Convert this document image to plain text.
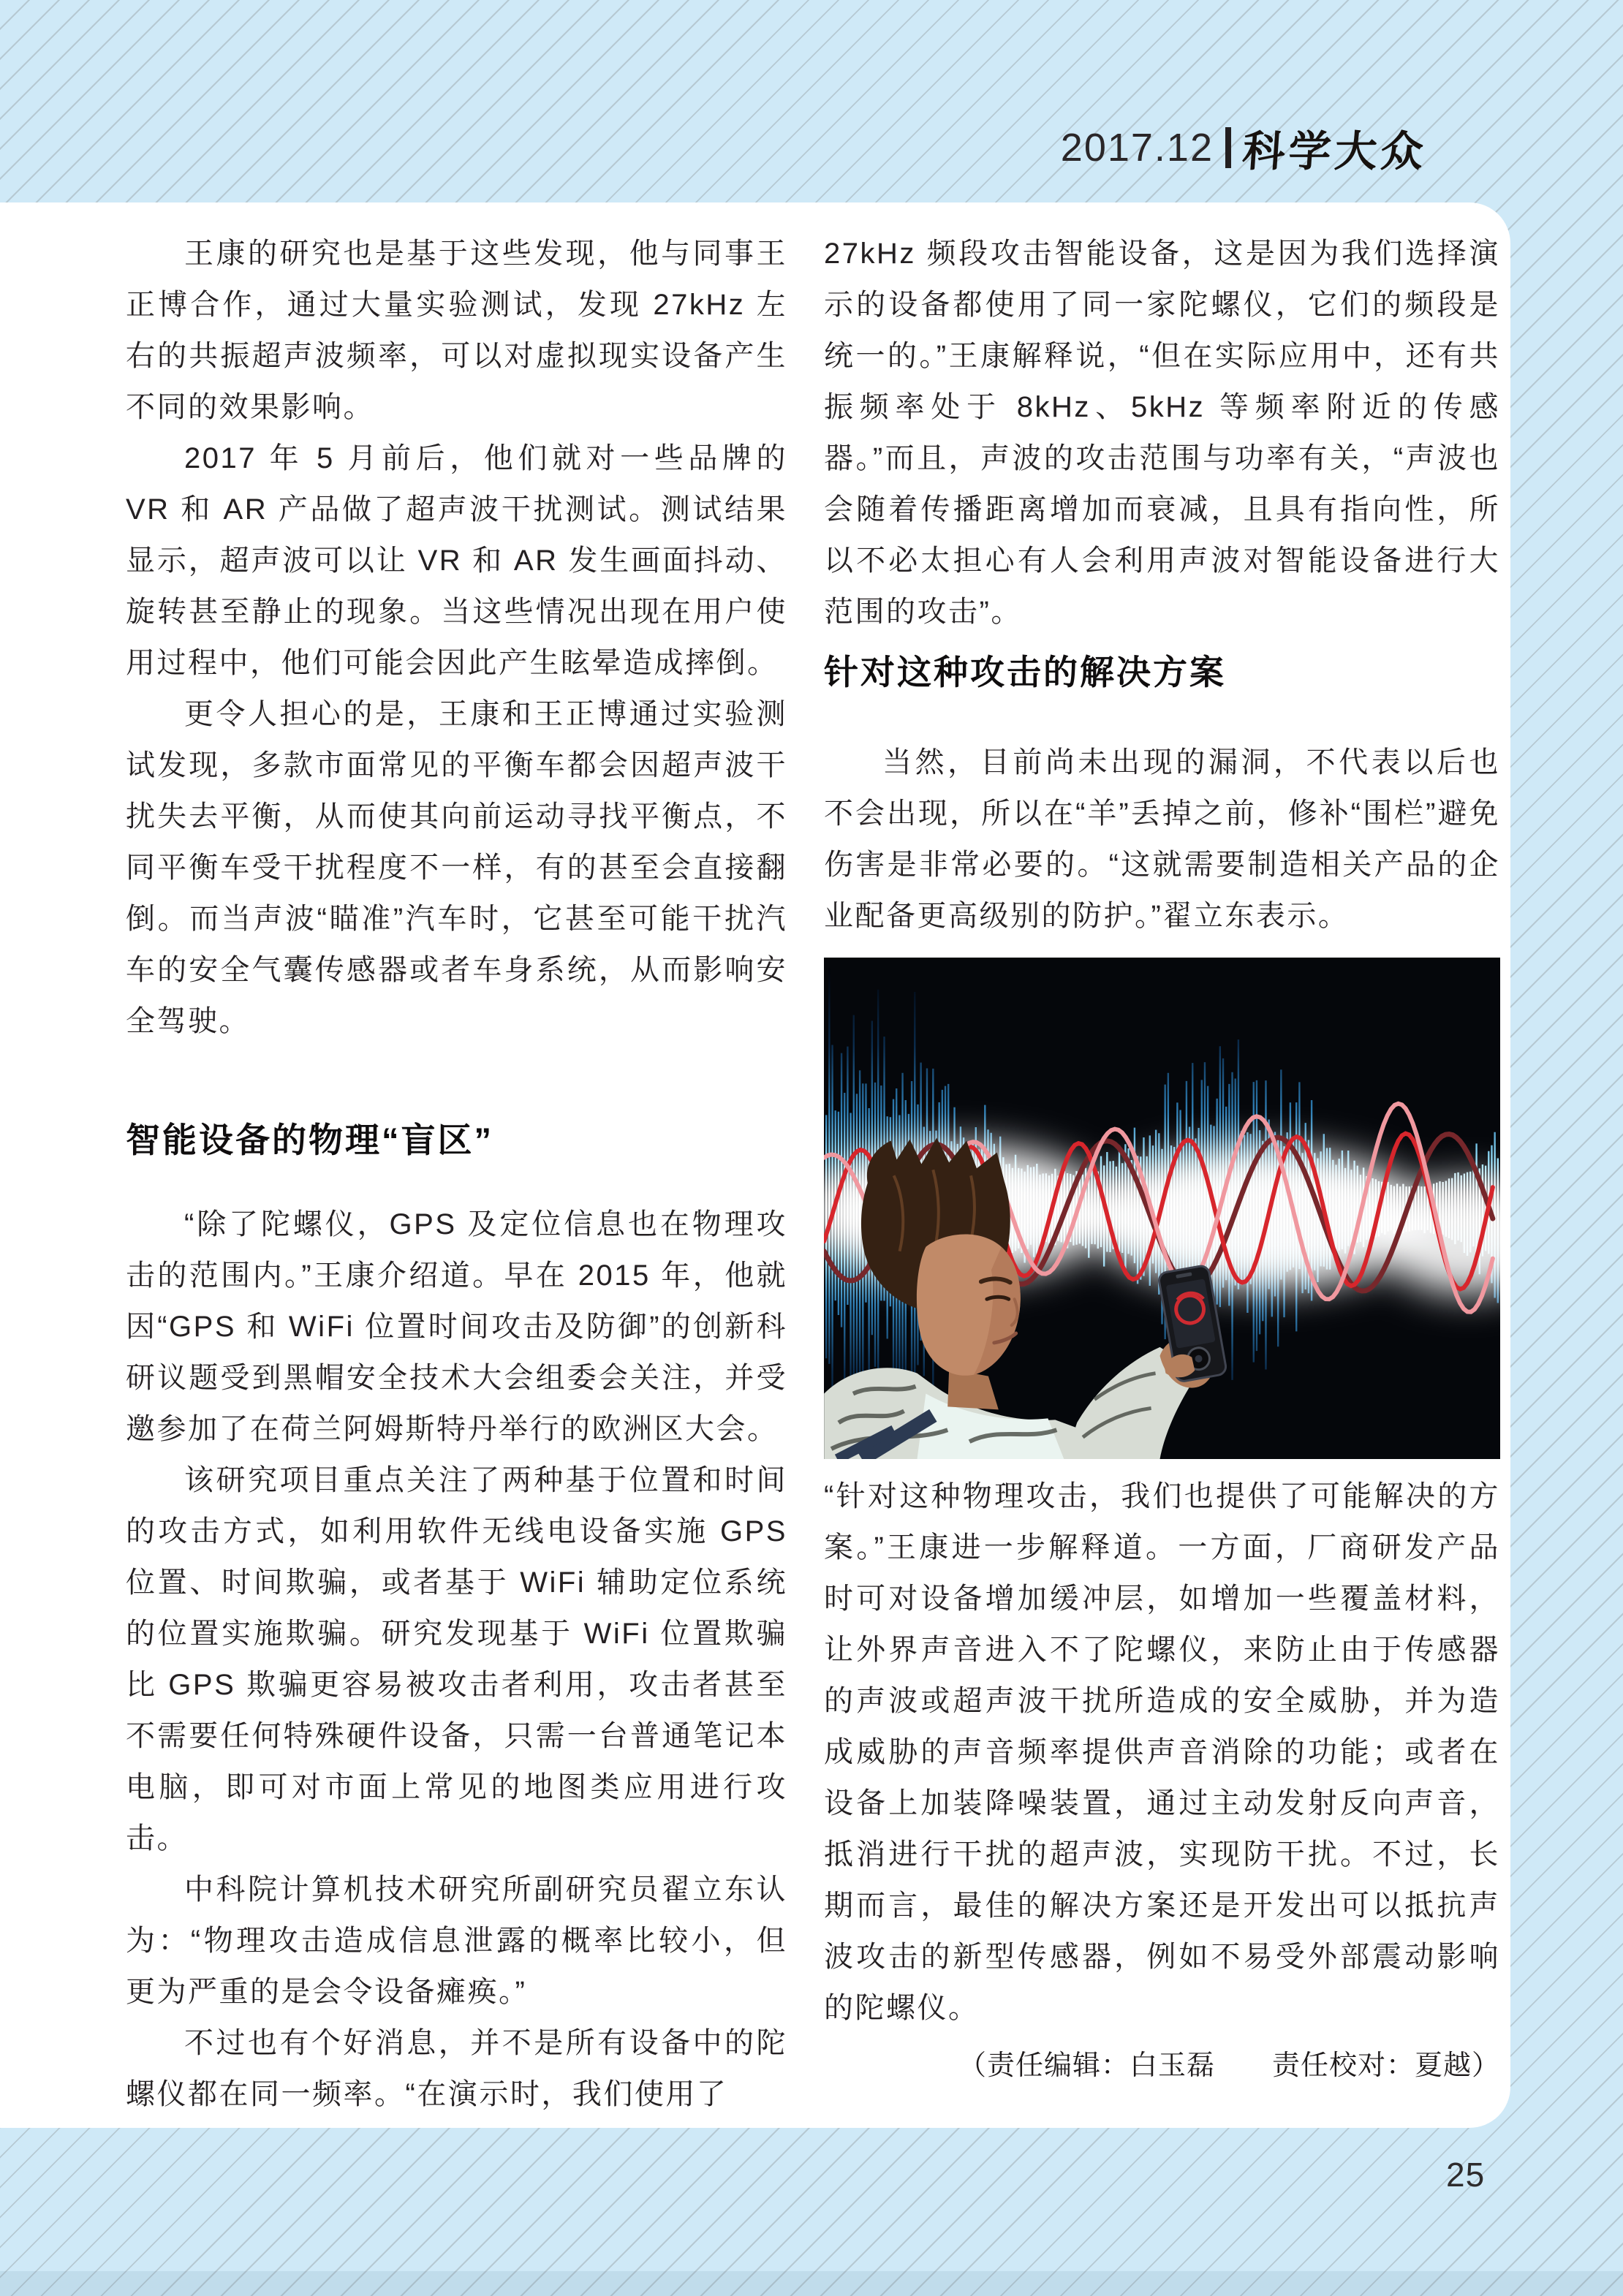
2017.12 科学大众

王康的研究也是基于这些发现，他与同事王正博合作，通过大量实验测试，发现 27kHz 左右的共振超声波频率，可以对虚拟现实设备产生不同的效果影响。

2017 年 5 月前后，他们就对一些品牌的 VR 和 AR 产品做了超声波干扰测试。测试结果显示，超声波可以让 VR 和 AR 发生画面抖动、旋转甚至静止的现象。当这些情况出现在用户使用过程中，他们可能会因此产生眩晕造成摔倒。

更令人担心的是，王康和王正博通过实验测试发现，多款市面常见的平衡车都会因超声波干扰失去平衡，从而使其向前运动寻找平衡点，不同平衡车受干扰程度不一样，有的甚至会直接翻倒。而当声波“瞄准”汽车时，它甚至可能干扰汽车的安全气囊传感器或者车身系统，从而影响安全驾驶。

智能设备的物理“盲区”

“除了陀螺仪，GPS 及定位信息也在物理攻击的范围内。”王康介绍道。早在 2015 年，他就因“GPS 和 WiFi 位置时间攻击及防御”的创新科研议题受到黑帽安全技术大会组委会关注，并受邀参加了在荷兰阿姆斯特丹举行的欧洲区大会。

该研究项目重点关注了两种基于位置和时间的攻击方式，如利用软件无线电设备实施 GPS 位置、时间欺骗，或者基于 WiFi 辅助定位系统的位置实施欺骗。研究发现基于 WiFi 位置欺骗比 GPS 欺骗更容易被攻击者利用，攻击者甚至不需要任何特殊硬件设备，只需一台普通笔记本电脑，即可对市面上常见的地图类应用进行攻击。

中科院计算机技术研究所副研究员翟立东认为：“物理攻击造成信息泄露的概率比较小，但更为严重的是会令设备瘫痪。”

不过也有个好消息，并不是所有设备中的陀螺仪都在同一频率。“在演示时，我们使用了

27kHz 频段攻击智能设备，这是因为我们选择演示的设备都使用了同一家陀螺仪，它们的频段是统一的。”王康解释说，“但在实际应用中，还有共振频率处于 8kHz、5kHz 等频率附近的传感器。”而且，声波的攻击范围与功率有关，“声波也会随着传播距离增加而衰减，且具有指向性，所以不必太担心有人会利用声波对智能设备进行大范围的攻击”。

针对这种攻击的解决方案

当然，目前尚未出现的漏洞，不代表以后也不会出现，所以在“羊”丢掉之前，修补“围栏”避免伤害是非常必要的。“这就需要制造相关产品的企业配备更高级别的防护。”翟立东表示。

“针对这种物理攻击，我们也提供了可能解决的方案。”王康进一步解释道。一方面，厂商研发产品时可对设备增加缓冲层，如增加一些覆盖材料，让外界声音进入不了陀螺仪，来防止由于传感器的声波或超声波干扰所造成的安全威胁，并为造成威胁的声音频率提供声音消除的功能；或者在设备上加装降噪装置，通过主动发射反向声音，抵消进行干扰的超声波，实现防干扰。不过，长期而言，最佳的解决方案还是开发出可以抵抗声波攻击的新型传感器，例如不易受外部震动影响的陀螺仪。

（责任编辑：白玉磊　　责任校对：夏越）
25
